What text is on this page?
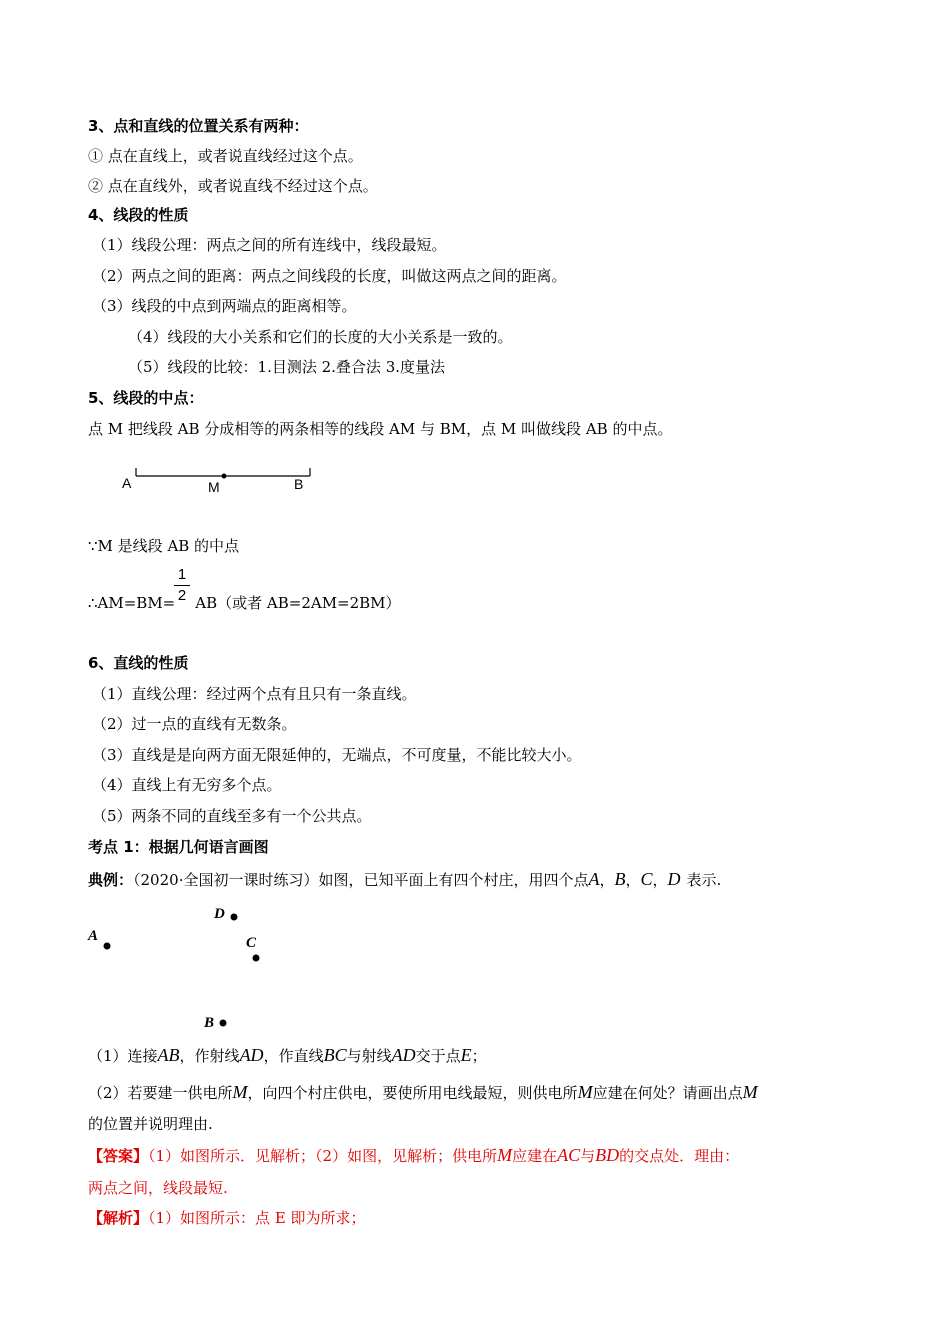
3、点和直线的位置关系有两种：
① 点在直线上，或者说直线经过这个点。
② 点在直线外，或者说直线不经过这个点。
4、线段的性质
（1）线段公理：两点之间的所有连线中，线段最短。
（2）两点之间的距离：两点之间线段的长度，叫做这两点之间的距离。
（3）线段的中点到两端点的距离相等。
（4）线段的大小关系和它们的长度的大小关系是一致的。
（5）线段的比较：1.目测法 2.叠合法 3.度量法
5、线段的中点：
点 M 把线段 AB 分成相等的两条相等的线段 AM 与 BM，点 M 叫做线段 AB 的中点。
A	M	B
∵M 是线段 AB 的中点
1
2
∴AM=BM= AB（或者 AB=2AM=2BM）
6、直线的性质
（1）直线公理：经过两个点有且只有一条直线。
（2）过一点的直线有无数条。
（3）直线是是向两方面无限延伸的，无端点，不可度量，不能比较大小。
（4）直线上有无穷多个点。
（5）两条不同的直线至多有一个公共点。
考点 1：根据几何语言画图
典例：（2020·全国初一课时练习）如图，已知平面上有四个村庄，用四个点A，B，C，D 表示.
A
D
C
B
（1）连接AB，作射线AD，作直线BC与射线AD交于点E；
（2）若要建一供电所M，向四个村庄供电，要使所用电线最短，则供电所M应建在何处？请画出点M
的位置并说明理由.
【答案】（1）如图所示．见解析；（2）如图，见解析；供电所M应建在AC与BD的交点处．理由：
两点之间，线段最短.
【解析】（1）如图所示：点 E 即为所求；
